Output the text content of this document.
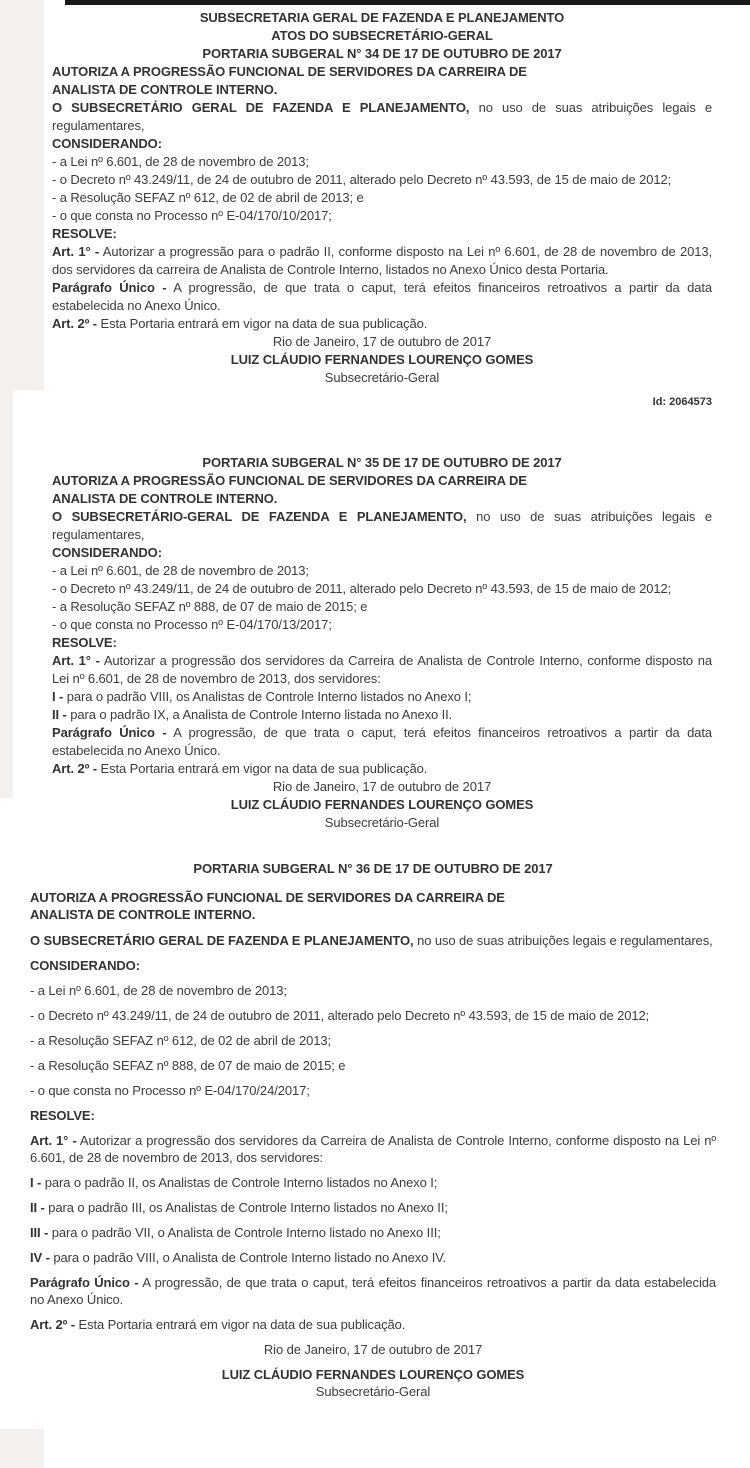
SUBSECRETARIA GERAL DE FAZENDA E PLANEJAMENTO

ATOS DO SUBSECRETÁRIO-GERAL

PORTARIA SUBGERAL N° 34 DE 17 DE OUTUBRO DE 2017

AUTORIZA A PROGRESSÃO FUNCIONAL DE SERVIDORES DA CARREIRA DE

ANALISTA DE CONTROLE INTERNO.

O SUBSECRETÁRIO GERAL DE FAZENDA E PLANEJAMENTO, no uso de suas atribuições legais e regulamentares,

CONSIDERANDO:

- a Lei nº 6.601, de 28 de novembro de 2013;

- o Decreto nº 43.249/11, de 24 de outubro de 2011, alterado pelo Decreto nº 43.593, de 15 de maio de 2012;

- a Resolução SEFAZ nº 612, de 02 de abril de 2013; e

- o que consta no Processo nº E-04/170/10/2017;

RESOLVE:

Art. 1° - Autorizar a progressão para o padrão II, conforme disposto na Lei nº 6.601, de 28 de novembro de 2013, dos servidores da carreira de Analista de Controle Interno, listados no Anexo Único desta Portaria.

Parágrafo Único - A progressão, de que trata o caput, terá efeitos financeiros retroativos a partir da data estabelecida no Anexo Único.

Art. 2º - Esta Portaria entrará em vigor na data de sua publicação.

Rio de Janeiro, 17 de outubro de 2017

LUIZ CLÁUDIO FERNANDES LOURENÇO GOMES

Subsecretário-Geral

Id: 2064573

PORTARIA SUBGERAL N° 35 DE 17 DE OUTUBRO DE 2017

AUTORIZA A PROGRESSÃO FUNCIONAL DE SERVIDORES DA CARREIRA DE

ANALISTA DE CONTROLE INTERNO.

O SUBSECRETÁRIO-GERAL DE FAZENDA E PLANEJAMENTO, no uso de suas atribuições legais e regulamentares,

CONSIDERANDO:

- a Lei nº 6.601, de 28 de novembro de 2013;

- o Decreto nº 43.249/11, de 24 de outubro de 2011, alterado pelo Decreto nº 43.593, de 15 de maio de 2012;

- a Resolução SEFAZ nº 888, de 07 de maio de 2015; e

- o que consta no Processo nº E-04/170/13/2017;

RESOLVE:

Art. 1° - Autorizar a progressão dos servidores da Carreira de Analista de Controle Interno, conforme disposto na Lei nº 6.601, de 28 de novembro de 2013, dos servidores:

I - para o padrão VIII, os Analistas de Controle Interno listados no Anexo I;

II - para o padrão IX, a Analista de Controle Interno listada no Anexo II.

Parágrafo Único - A progressão, de que trata o caput, terá efeitos financeiros retroativos a partir da data estabelecida no Anexo Único.

Art. 2º - Esta Portaria entrará em vigor na data de sua publicação.

Rio de Janeiro, 17 de outubro de 2017

LUIZ CLÁUDIO FERNANDES LOURENÇO GOMES

Subsecretário-Geral

PORTARIA SUBGERAL N° 36 DE 17 DE OUTUBRO DE 2017

AUTORIZA A PROGRESSÃO FUNCIONAL DE SERVIDORES DA CARREIRA DE

ANALISTA DE CONTROLE INTERNO.

O SUBSECRETÁRIO GERAL DE FAZENDA E PLANEJAMENTO, no uso de suas atribuições legais e regulamentares,

CONSIDERANDO:

- a Lei nº 6.601, de 28 de novembro de 2013;

- o Decreto nº 43.249/11, de 24 de outubro de 2011, alterado pelo Decreto nº 43.593, de 15 de maio de 2012;

- a Resolução SEFAZ nº 612, de 02 de abril de 2013;

- a Resolução SEFAZ nº 888, de 07 de maio de 2015; e

- o que consta no Processo nº E-04/170/24/2017;

RESOLVE:

Art. 1° - Autorizar a progressão dos servidores da Carreira de Analista de Controle Interno, conforme disposto na Lei nº 6.601, de 28 de novembro de 2013, dos servidores:

I - para o padrão II, os Analistas de Controle Interno listados no Anexo I;

II - para o padrão III, os Analistas de Controle Interno listados no Anexo II;

III - para o padrão VII, o Analista de Controle Interno listado no Anexo III;

IV - para o padrão VIII, o Analista de Controle Interno listado no Anexo IV.

Parágrafo Único - A progressão, de que trata o caput, terá efeitos financeiros retroativos a partir da data estabelecida no Anexo Único.

Art. 2º - Esta Portaria entrará em vigor na data de sua publicação.

Rio de Janeiro, 17 de outubro de 2017

LUIZ CLÁUDIO FERNANDES LOURENÇO GOMES

Subsecretário-Geral
